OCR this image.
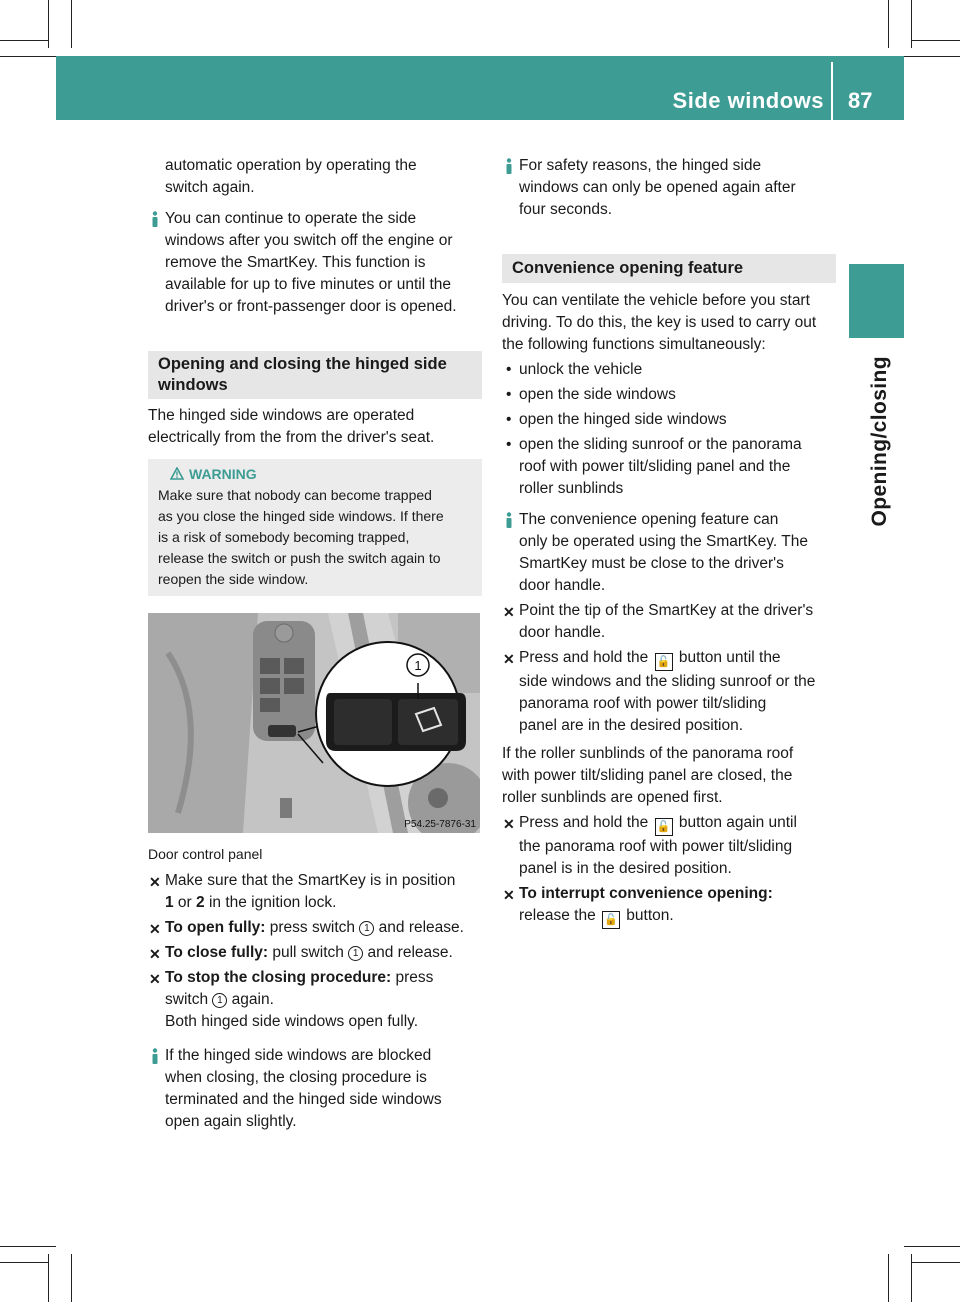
Side windows 87
Opening/closing

automatic operation by operating the
switch again.

You can continue to operate the side
windows after you switch off the engine or
remove the SmartKey. This function is
available for up to five minutes or until the
driver's or front-passenger door is opened.
Opening and closing the hinged side
windows

The hinged side windows are operated
electrically from the from the driver's seat.

WARNING
Make sure that nobody can become trapped
as you close the hinged side windows. If there
is a risk of somebody becoming trapped,
release the switch or push the switch again to
reopen the side window.
1
P54.25-7876-31

Door control panel

✕ Make sure that the SmartKey is in position
1 or 2 in the ignition lock.
✕ To open fully: press switch 1 and release.
✕ To close fully: pull switch 1 and release.
✕ To stop the closing procedure: press
switch 1 again.
Both hinged side windows open fully.
If the hinged side windows are blocked
when closing, the closing procedure is
terminated and the hinged side windows
open again slightly.
For safety reasons, the hinged side
windows can only be opened again after
four seconds.
Convenience opening feature

You can ventilate the vehicle before you start
driving. To do this, the key is used to carry out
the following functions simultaneously:

• unlock the vehicle
• open the side windows
• open the hinged side windows
• open the sliding sunroof or the panorama
roof with power tilt/sliding panel and the
roller sunblinds
The convenience opening feature can
only be operated using the SmartKey. The
SmartKey must be close to the driver's
door handle.
✕ Point the tip of the SmartKey at the driver's
door handle.
✕ Press and hold the 🔓 button until the
side windows and the sliding sunroof or the
panorama roof with power tilt/sliding
panel are in the desired position.

If the roller sunblinds of the panorama roof
with power tilt/sliding panel are closed, the
roller sunblinds are opened first.

✕ Press and hold the 🔓 button again until
the panorama roof with power tilt/sliding
panel is in the desired position.
✕ To interrupt convenience opening:
release the 🔓 button.
